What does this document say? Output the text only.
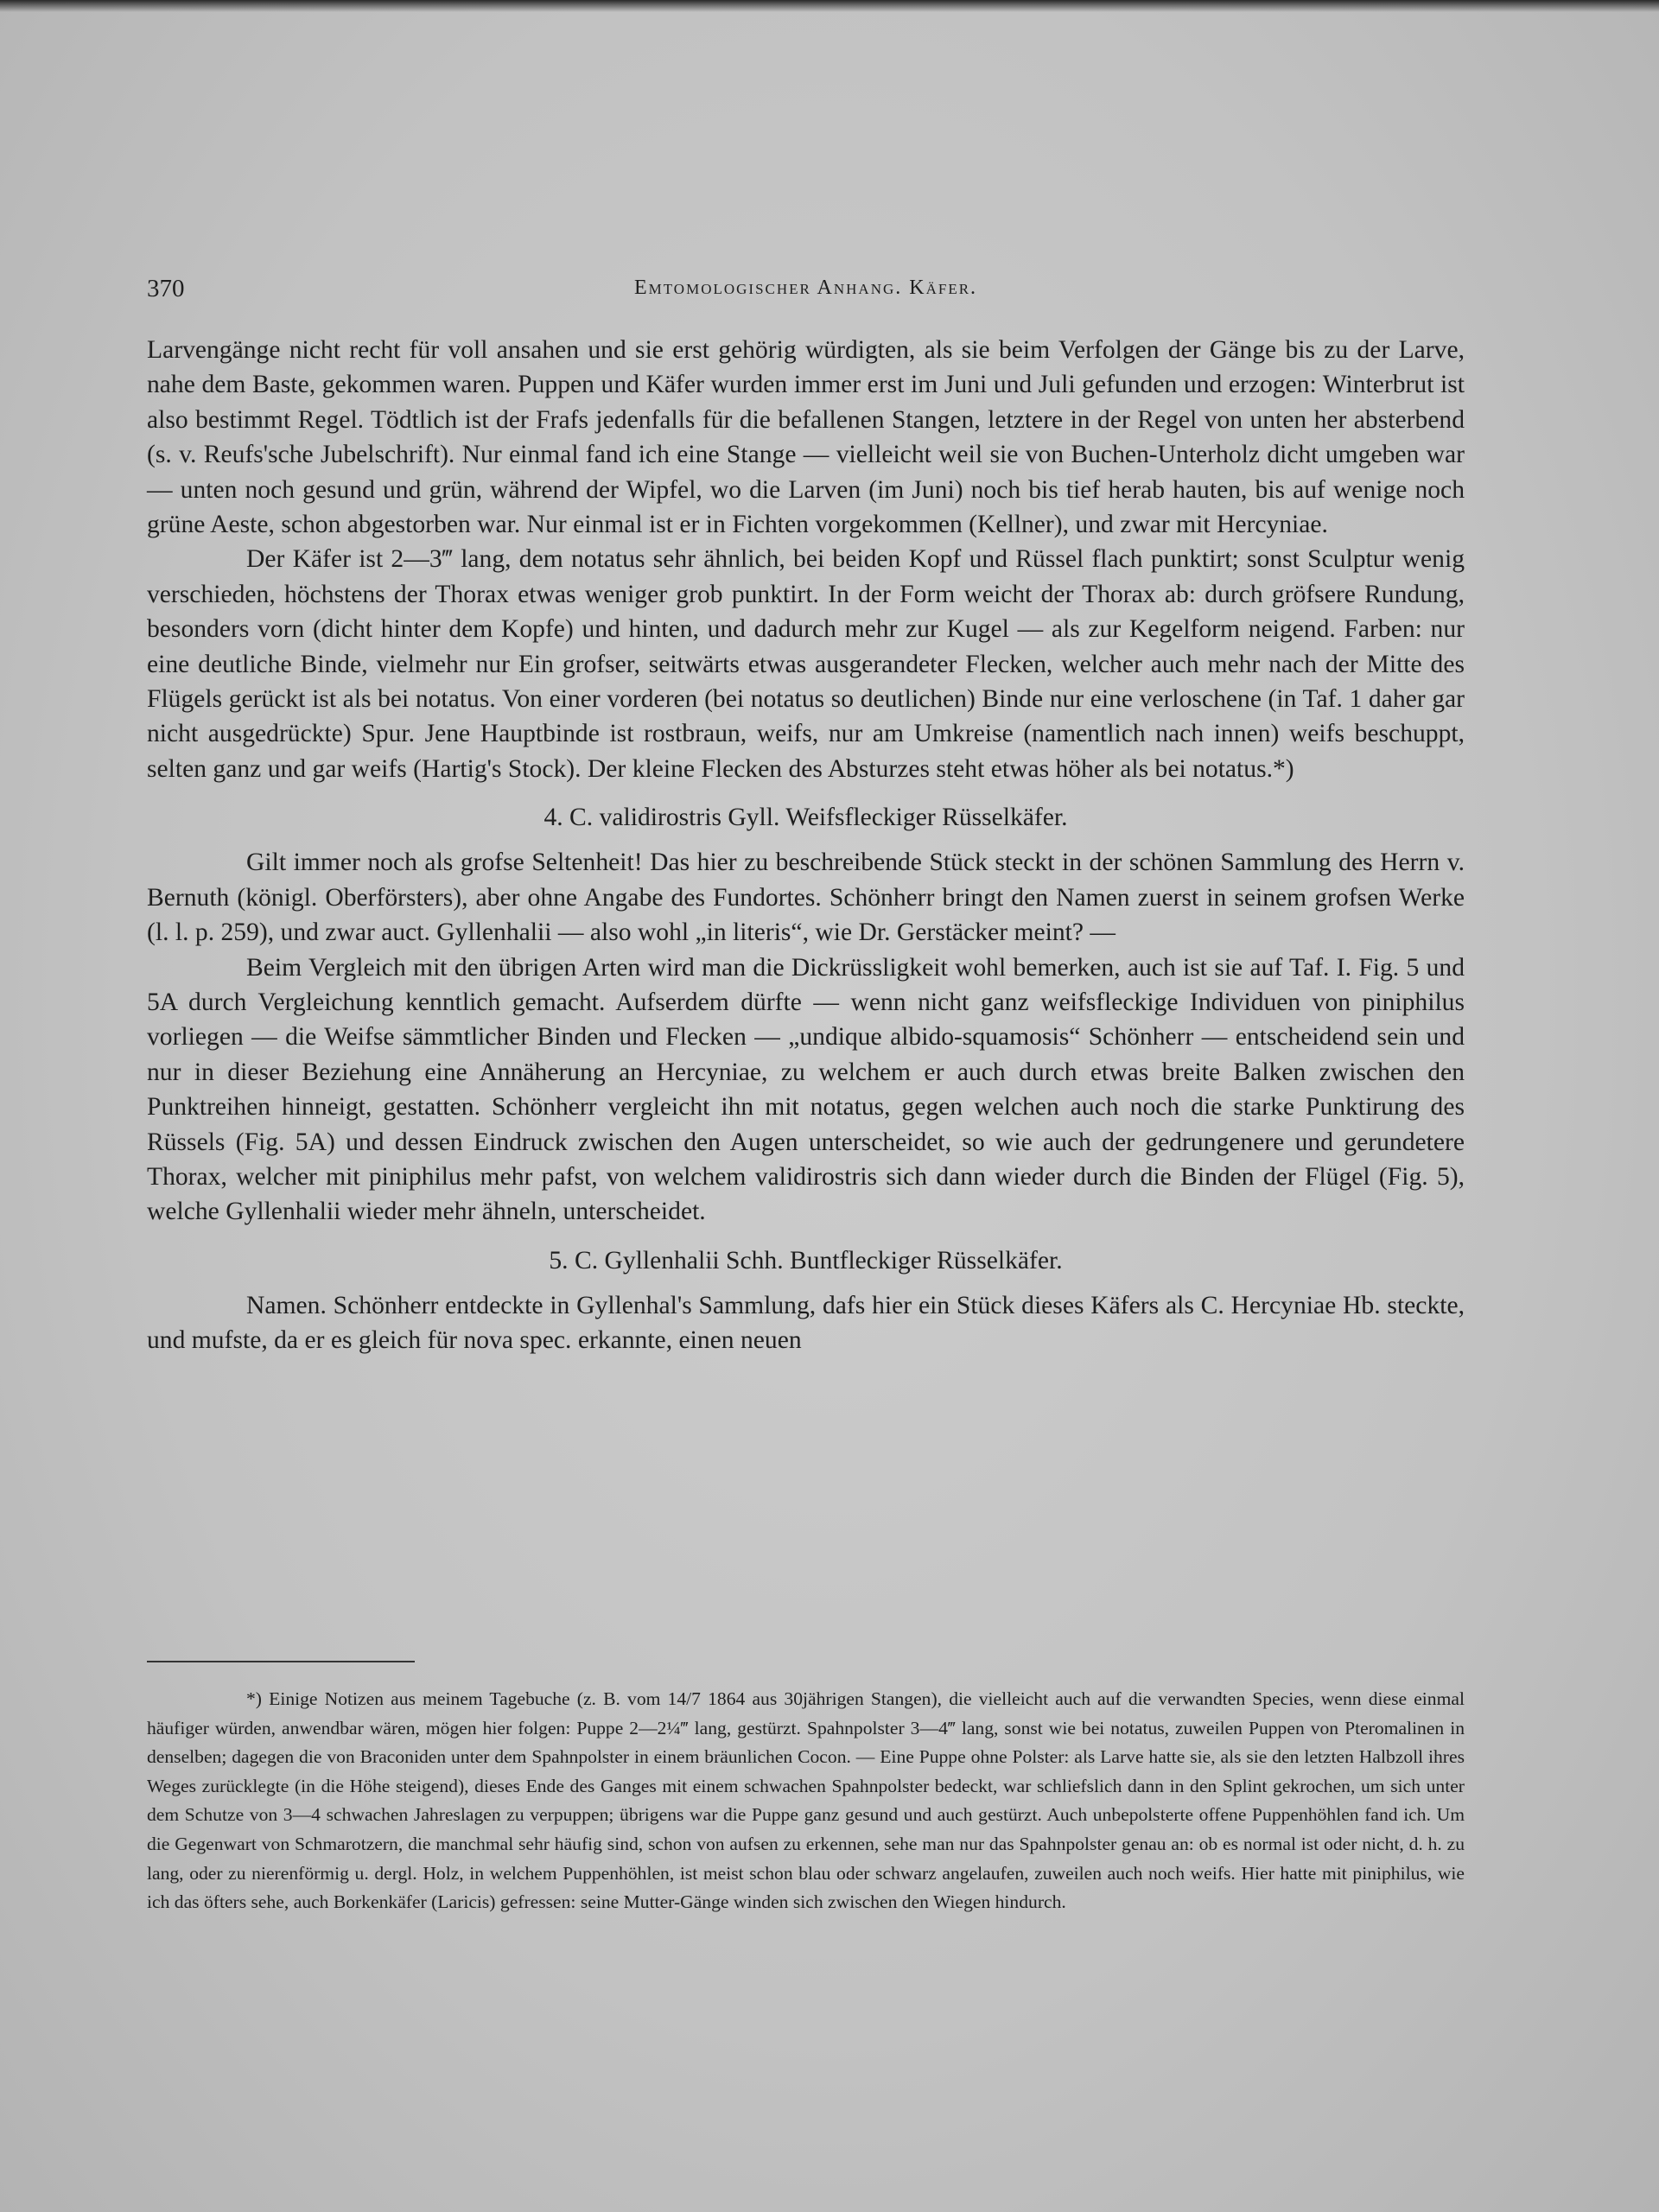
370	Emtomologischer Anhang. Käfer.

Larvengänge nicht recht für voll ansahen und sie erst gehörig würdigten, als sie beim Verfolgen der Gänge bis zu der Larve, nahe dem Baste, gekommen waren. Puppen und Käfer wurden immer erst im Juni und Juli gefunden und erzogen: Winterbrut ist also bestimmt Regel. Tödtlich ist der Frafs jedenfalls für die befallenen Stangen, letztere in der Regel von unten her absterbend (s. v. Reufs'sche Jubelschrift). Nur einmal fand ich eine Stange — vielleicht weil sie von Buchen-Unterholz dicht umgeben war — unten noch gesund und grün, während der Wipfel, wo die Larven (im Juni) noch bis tief herab hauten, bis auf wenige noch grüne Aeste, schon abgestorben war. Nur einmal ist er in Fichten vorgekommen (Kellner), und zwar mit Hercyniae.

Der Käfer ist 2—3‴ lang, dem notatus sehr ähnlich, bei beiden Kopf und Rüssel flach punktirt; sonst Sculptur wenig verschieden, höchstens der Thorax etwas weniger grob punktirt. In der Form weicht der Thorax ab: durch gröfsere Rundung, besonders vorn (dicht hinter dem Kopfe) und hinten, und dadurch mehr zur Kugel — als zur Kegelform neigend. Farben: nur eine deutliche Binde, vielmehr nur Ein grofser, seitwärts etwas ausgerandeter Flecken, welcher auch mehr nach der Mitte des Flügels gerückt ist als bei notatus. Von einer vorderen (bei notatus so deutlichen) Binde nur eine verloschene (in Taf. 1 daher gar nicht ausgedrückte) Spur. Jene Hauptbinde ist rostbraun, weifs, nur am Umkreise (namentlich nach innen) weifs beschuppt, selten ganz und gar weifs (Hartig's Stock). Der kleine Flecken des Absturzes steht etwas höher als bei notatus.*)

4. C. validirostris Gyll. Weifsfleckiger Rüsselkäfer.

Gilt immer noch als grofse Seltenheit! Das hier zu beschreibende Stück steckt in der schönen Sammlung des Herrn v. Bernuth (königl. Oberförsters), aber ohne Angabe des Fundortes. Schönherr bringt den Namen zuerst in seinem grofsen Werke (l. l. p. 259), und zwar auct. Gyllenhalii — also wohl „in literis“, wie Dr. Gerstäcker meint? —

Beim Vergleich mit den übrigen Arten wird man die Dickrüssligkeit wohl bemerken, auch ist sie auf Taf. I. Fig. 5 und 5A durch Vergleichung kenntlich gemacht. Aufserdem dürfte — wenn nicht ganz weifsfleckige Individuen von piniphilus vorliegen — die Weifse sämmtlicher Binden und Flecken — „undique albido-squamosis“ Schönherr — entscheidend sein und nur in dieser Beziehung eine Annäherung an Hercyniae, zu welchem er auch durch etwas breite Balken zwischen den Punktreihen hinneigt, gestatten. Schönherr vergleicht ihn mit notatus, gegen welchen auch noch die starke Punktirung des Rüssels (Fig. 5A) und dessen Eindruck zwischen den Augen unterscheidet, so wie auch der gedrungenere und gerundetere Thorax, welcher mit piniphilus mehr pafst, von welchem validirostris sich dann wieder durch die Binden der Flügel (Fig. 5), welche Gyllenhalii wieder mehr ähneln, unterscheidet.

5. C. Gyllenhalii Schh. Buntfleckiger Rüsselkäfer.

Namen. Schönherr entdeckte in Gyllenhal's Sammlung, dafs hier ein Stück dieses Käfers als C. Hercyniae Hb. steckte, und mufste, da er es gleich für nova spec. erkannte, einen neuen

*) Einige Notizen aus meinem Tagebuche (z. B. vom 14/7 1864 aus 30jährigen Stangen), die vielleicht auch auf die verwandten Species, wenn diese einmal häufiger würden, anwendbar wären, mögen hier folgen: Puppe 2—2¼‴ lang, gestürzt. Spahnpolster 3—4‴ lang, sonst wie bei notatus, zuweilen Puppen von Pteromalinen in denselben; dagegen die von Braconiden unter dem Spahnpolster in einem bräunlichen Cocon. — Eine Puppe ohne Polster: als Larve hatte sie, als sie den letzten Halbzoll ihres Weges zurücklegte (in die Höhe steigend), dieses Ende des Ganges mit einem schwachen Spahnpolster bedeckt, war schliefslich dann in den Splint gekrochen, um sich unter dem Schutze von 3—4 schwachen Jahreslagen zu verpuppen; übrigens war die Puppe ganz gesund und auch gestürzt. Auch unbepolsterte offene Puppenhöhlen fand ich. Um die Gegenwart von Schmarotzern, die manchmal sehr häufig sind, schon von aufsen zu erkennen, sehe man nur das Spahnpolster genau an: ob es normal ist oder nicht, d. h. zu lang, oder zu nierenförmig u. dergl. Holz, in welchem Puppenhöhlen, ist meist schon blau oder schwarz angelaufen, zuweilen auch noch weifs. Hier hatte mit piniphilus, wie ich das öfters sehe, auch Borkenkäfer (Laricis) gefressen: seine Mutter-Gänge winden sich zwischen den Wiegen hindurch.
